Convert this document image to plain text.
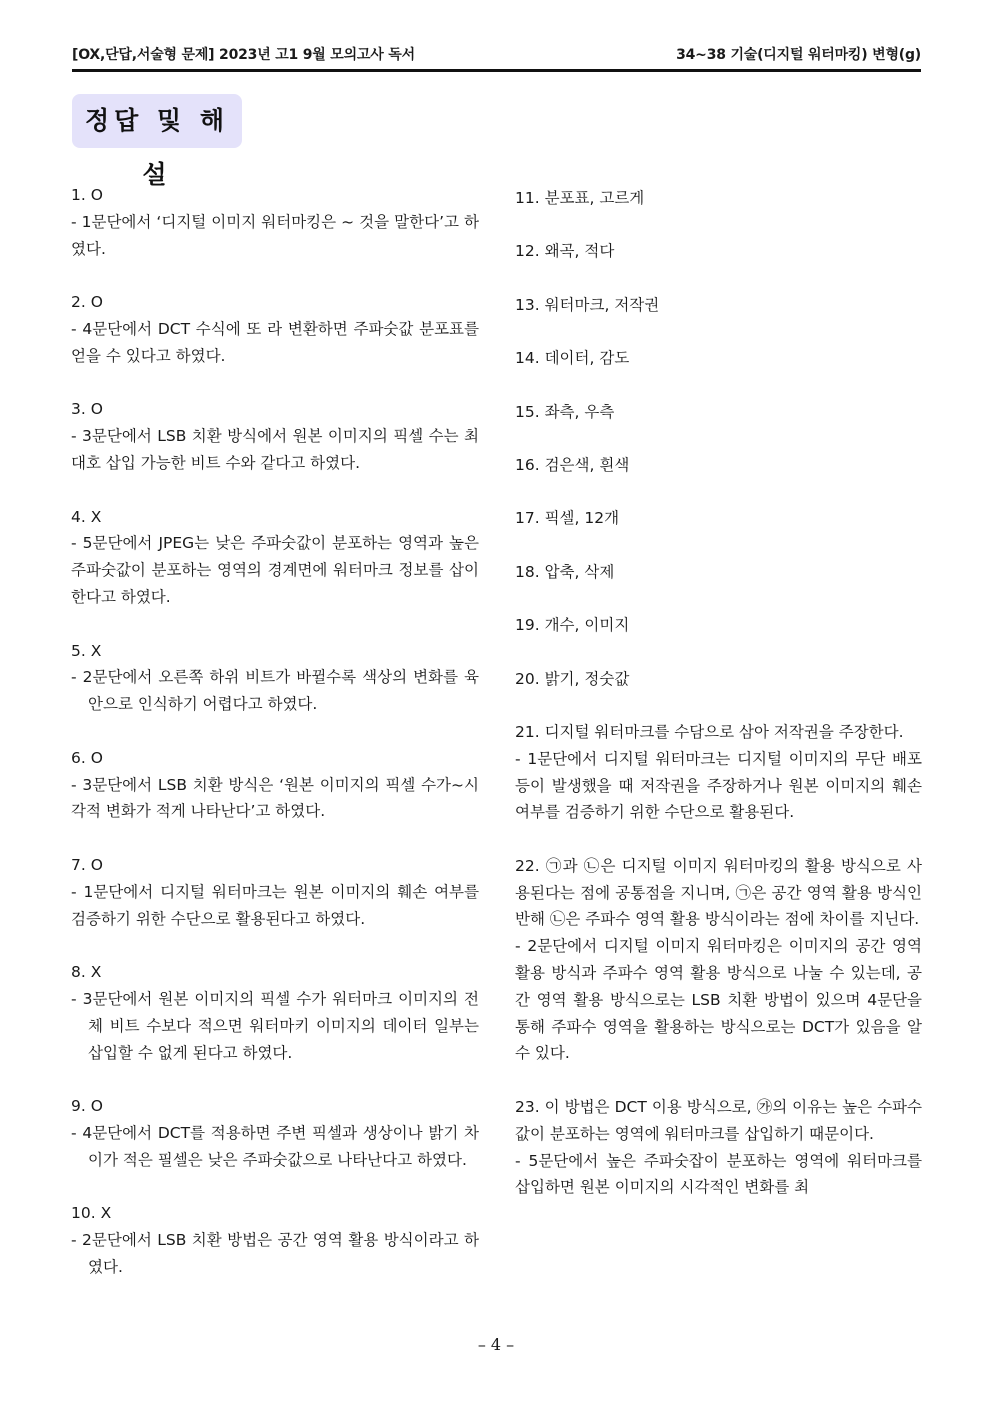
[OX,단답,서술형 문제] 2023년 고1 9월 모의고사 독서	34~38 기술(디지털 워터마킹) 변형(g)
정답 및 해설
1. O
- 1문단에서 ‘디지털 이미지 워터마킹은 ~ 것을 말한다’고 하였다.
2. O
- 4문단에서 DCT 수식에 또 라 변환하면 주파숫값 분포표를 얻을 수 있다고 하였다.
3. O
- 3문단에서 LSB 치환 방식에서 원본 이미지의 픽셀 수는 최대호 삽입 가능한 비트 수와 같다고 하였다.
4. X
- 5문단에서 JPEG는 낮은 주파숫값이 분포하는 영역과 높은 주파숫값이 분포하는 영역의 경계면에 워터마크 정보를 삽이한다고 하였다.
5. X
- 2문단에서 오른쪽 하위 비트가 바뀔수록 색상의 변화를 육안으로 인식하기 어렵다고 하였다.
6. O
- 3문단에서 LSB 치환 방식은 ‘원본 이미지의 픽셀 수가~시각적 변화가 적게 나타난다’고 하였다.
7. O
- 1문단에서 디지털 워터마크는 원본 이미지의 훼손 여부를 검증하기 위한 수단으로 활용된다고 하였다.
8. X
- 3문단에서 원본 이미지의 픽셀 수가 워터마크 이미지의 전체 비트 수보다 적으면 워터마키 이미지의 데이터 일부는 삽입할 수 없게 된다고 하였다.
9. O
- 4문단에서 DCT를 적용하면 주변 픽셀과 생상이나 밝기 차이가 적은 필셀은 낮은 주파숫값으로 나타난다고 하였다.
10. X
- 2문단에서 LSB 치환 방법은 공간 영역 활용 방식이라고 하였다.
11. 분포표, 고르게
12. 왜곡, 적다
13. 워터마크, 저작권
14. 데이터, 감도
15. 좌측, 우측
16. 검은색, 흰색
17. 픽셀, 12개
18. 압축, 삭제
19. 개수, 이미지
20. 밝기, 정숫값
21. 디지털 워터마크를 수담으로 삼아 저작권을 주장한다.
- 1문단에서 디지털 워터마크는 디지털 이미지의 무단 배포 등이 발생했을 때 저작권을 주장하거나 원본 이미지의 훼손 여부를 검증하기 위한 수단으로 활용된다.
22. ㉠과 ㉡은 디지털 이미지 워터마킹의 활용 방식으로 사용된다는 점에 공통점을 지니며, ㉠은 공간 영역 활용 방식인 반해 ㉡은 주파수 영역 활용 방식이라는 점에 차이를 지닌다.
- 2문단에서 디지털 이미지 워터마킹은 이미지의 공간 영역 활용 방식과 주파수 영역 활용 방식으로 나눌 수 있는데, 공간 영역 활용 방식으로는 LSB 치환 방법이 있으며 4문단을 통해 주파수 영역을 활용하는 방식으로는 DCT가 있음을 알 수 있다.
23. 이 방법은 DCT 이용 방식으로, ㉮의 이유는 높은 수파수값이 분포하는 영역에 워터마크를 삽입하기 때문이다.
- 5문단에서 높은 주파숫잡이 분포하는 영역에 워터마크를 삽입하면 원본 이미지의 시각적인 변화를 최
– 4 –
